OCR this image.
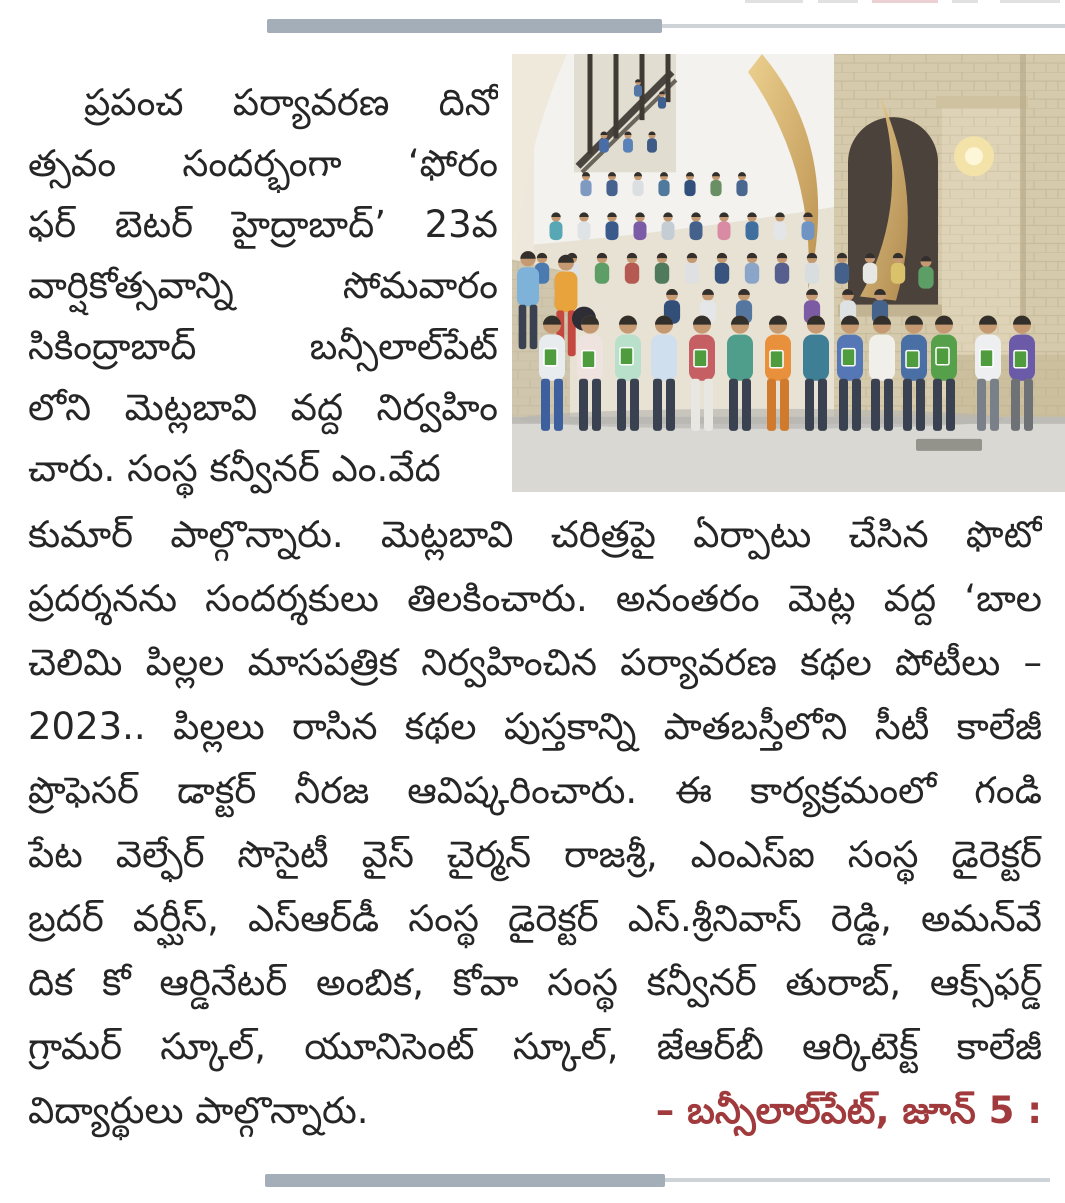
ప్రపంచ పర్యావరణ దినో
త్సవం సందర్భంగా ‘ఫోరం
ఫర్ బెటర్ హైద్రాబాద్’ 23వ
వార్షికోత్సవాన్ని సోమవారం
సికింద్రాబాద్ బన్సీలాల్‌పేట్
లోని మెట్లబావి వద్ద నిర్వహిం
చారు. సంస్థ కన్వీనర్ ఎం.వేద
కుమార్ పాల్గొన్నారు. మెట్లబావి చరిత్రపై ఏర్పాటు చేసిన ఫొటో
ప్రదర్శనను సందర్శకులు తిలకించారు. అనంతరం మెట్ల వద్ద ‘బాల
చెలిమి పిల్లల మాసపత్రిక నిర్వహించిన పర్యావరణ కథల పోటీలు –
2023.. పిల్లలు రాసిన కథల పుస్తకాన్ని పాతబస్తీలోని సీటీ కాలేజీ
ప్రొఫెసర్ డాక్టర్ నీరజ ఆవిష్కరించారు. ఈ కార్యక్రమంలో గండి
పేట వెల్ఫేర్ సొసైటీ వైస్ చైర్మన్ రాజశ్రీ, ఎంఎస్ఐ సంస్థ డైరెక్టర్
బ్రదర్ వర్ఘీస్, ఎస్ఆర్‌డీ సంస్థ డైరెక్టర్ ఎస్.శ్రీనివాస్ రెడ్డి, అమన్‌వే
దిక కో ఆర్డినేటర్ అంబిక, కోవా సంస్థ కన్వీనర్ తురాబ్, ఆక్స్‌ఫర్డ్
గ్రామర్ స్కూల్, యూనిసెంట్ స్కూల్, జేఆర్‌బీ ఆర్కిటెక్ట్ కాలేజీ
విద్యార్థులు పాల్గొన్నారు.	– బన్సీలాల్‌పేట్, జూన్ 5 :
